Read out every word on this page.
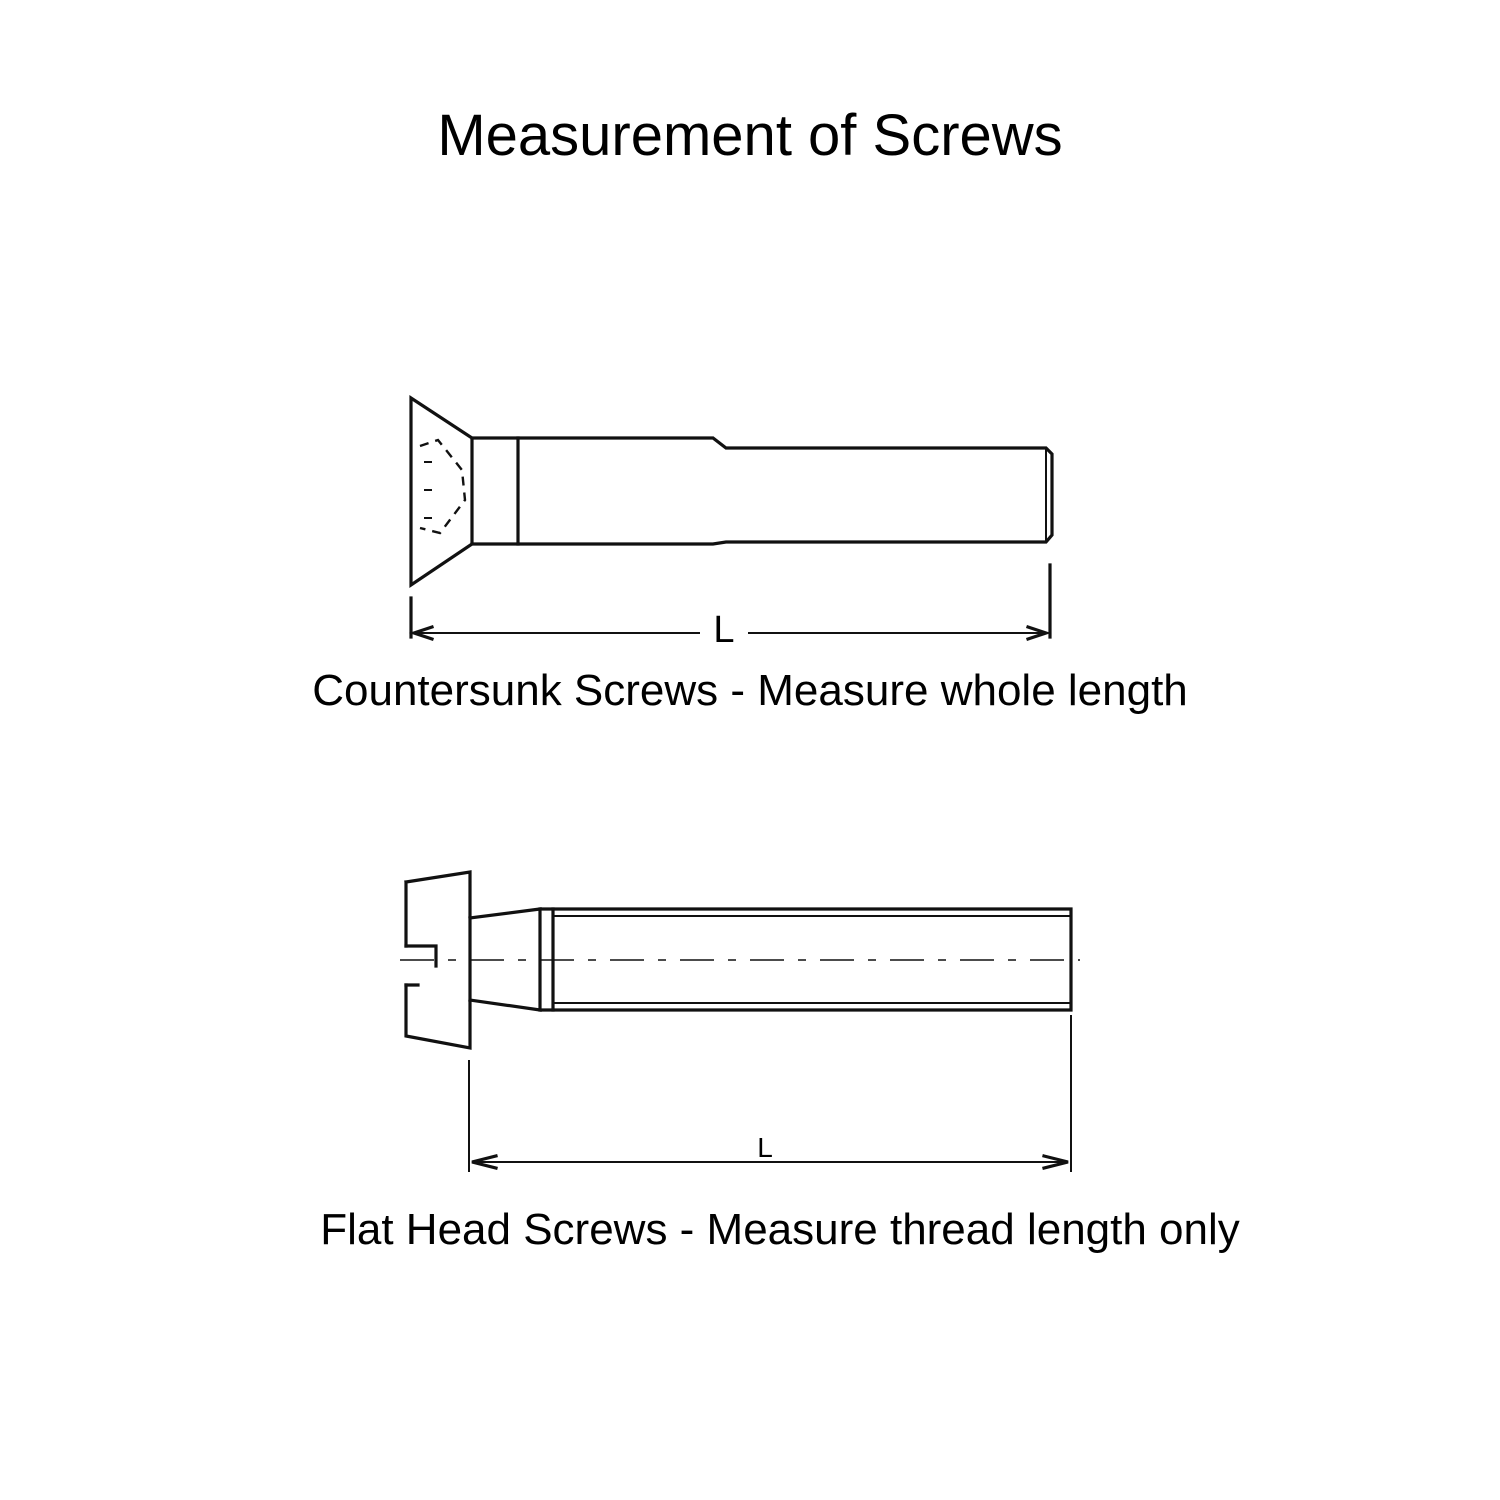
Measurement of Screws
L
L

Countersunk Screws - Measure whole length

Flat Head Screws - Measure thread length only
